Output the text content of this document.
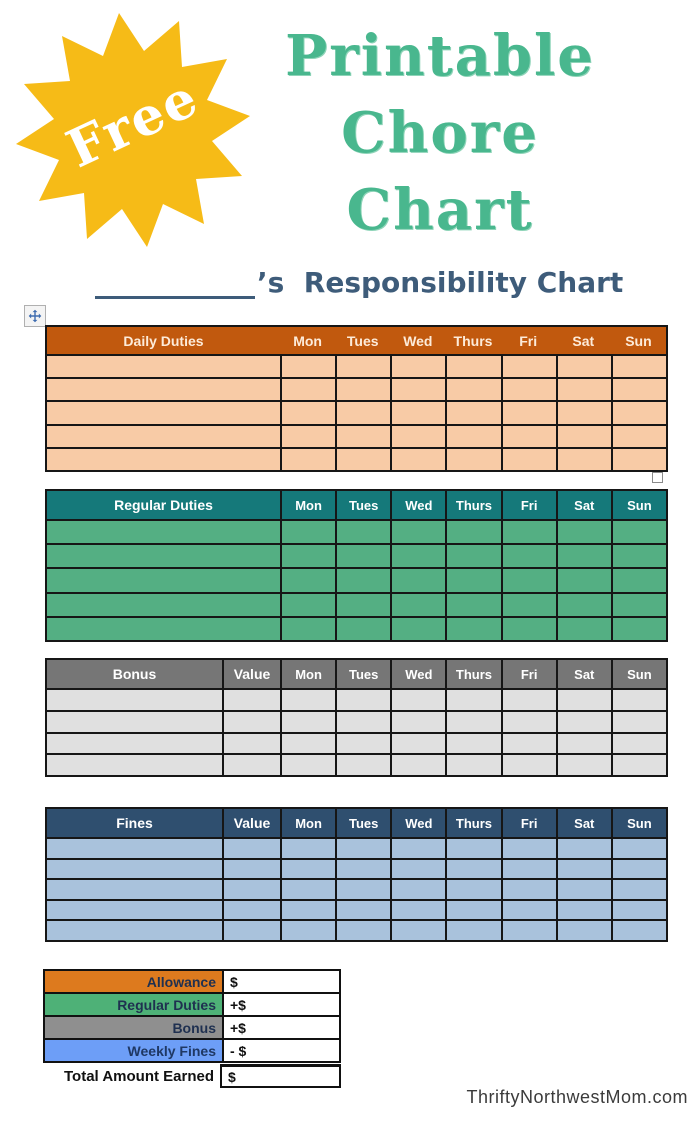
Free
Printable
Chore
Chart
’s  Responsibility Chart
Daily Duties	Mon	Tues	Wed	Thurs	Fri	Sat	Sun
Regular Duties	Mon	Tues	Wed	Thurs	Fri	Sat	Sun
Bonus	Value	Mon	Tues	Wed	Thurs	Fri	Sat	Sun
Fines	Value	Mon	Tues	Wed	Thurs	Fri	Sat	Sun
Allowance	$
Regular Duties	+$
Bonus	+$
Weekly Fines	- $
Total Amount Earned	$
ThriftyNorthwestMom.com
